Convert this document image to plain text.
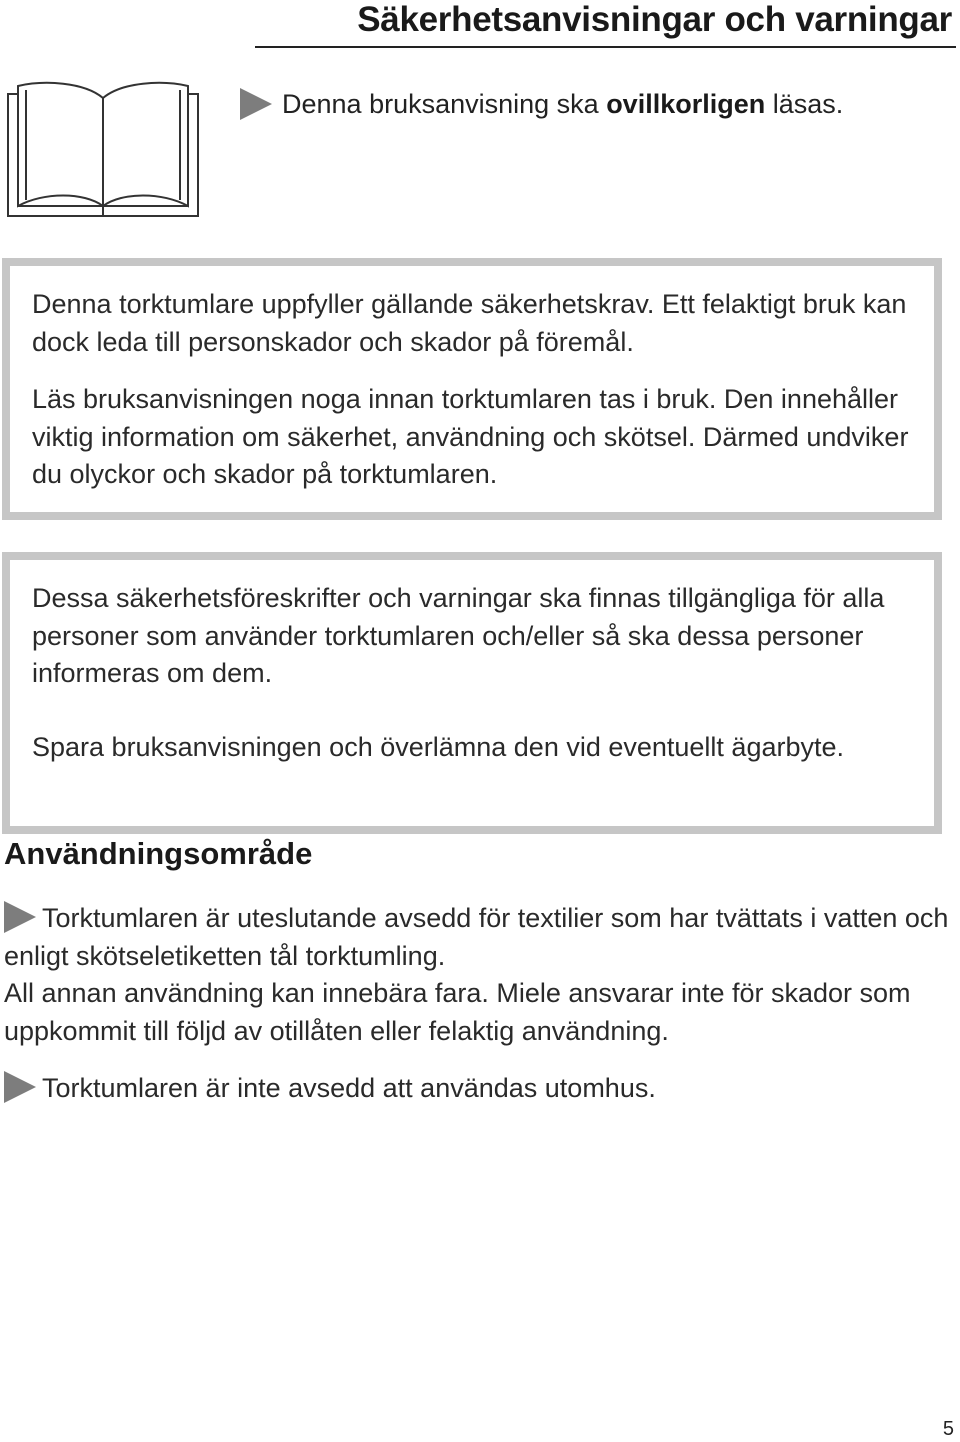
Säkerhetsanvisningar och varningar
Denna bruksanvisning ska ovillkorligen läsas.

Denna torktumlare uppfyller gällande säkerhetskrav. Ett felaktigt bruk kan dock leda till personskador och skador på föremål.

Läs bruksanvisningen noga innan torktumlaren tas i bruk. Den innehåller viktig information om säkerhet, användning och skötsel. Därmed undviker du olyckor och skador på torktumlaren.

Dessa säkerhetsföreskrifter och varningar ska finnas tillgängliga för alla personer som använder torktumlaren och/eller så ska dessa personer informeras om dem.

Spara bruksanvisningen och överlämna den vid eventuellt ägarbyte.

Användningsområde

Torktumlaren är uteslutande avsedd för textilier som har tvättats i vatten och enligt skötseletiketten tål torktumling.

All annan användning kan innebära fara. Miele ansvarar inte för skador som uppkommit till följd av otillåten eller felaktig användning.

Torktumlaren är inte avsedd att användas utomhus.

5
